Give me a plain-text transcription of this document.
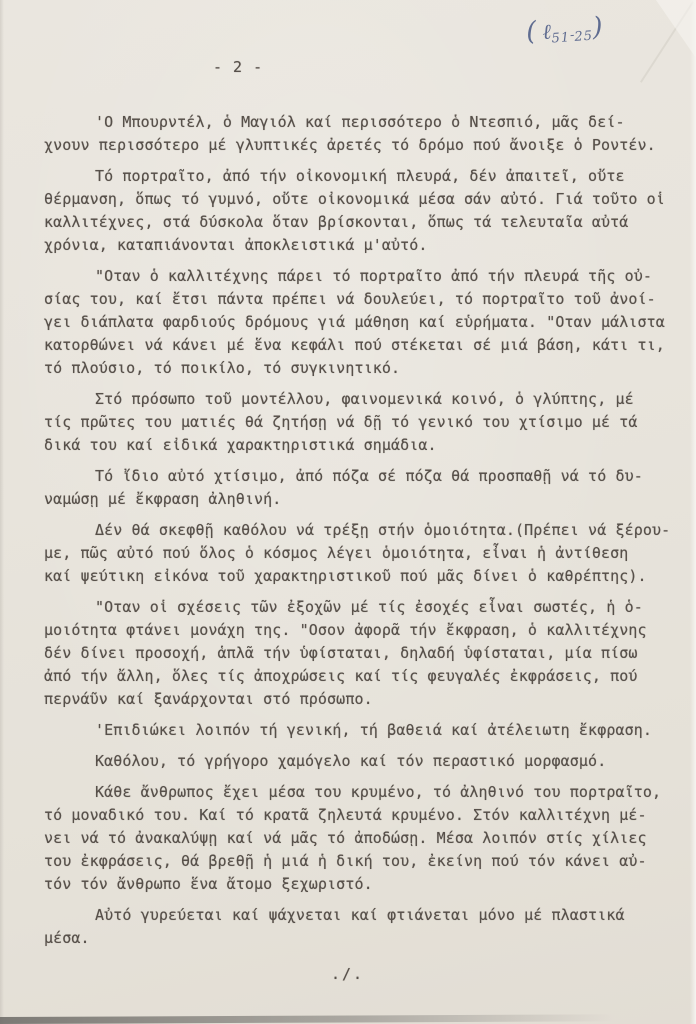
( $\ell_{51}-_{25}$)
- 2 -
'Ο Μπουρντέλ, ὁ Μαγιόλ καί περισσότερο ὁ Ντεσπιό, μᾶς δεί-
χνουν περισσότερο μέ γλυπτικές ἀρετές τό δρόμο πού ἄνοιξε ὁ Ροντέν.
Τό πορτραῖτο, ἀπό τήν οἰκονομική πλευρά, δέν ἀπαιτεῖ, οὔτε
θέρμανση, ὅπως τό γυμνό, οὔτε οἰκονομικά μέσα σάν αὐτό. Γιά τοῦτο οἱ
καλλιτέχνες, στά δύσκολα ὅταν βρίσκονται, ὅπως τά τελευταῖα αὐτά
χρόνια, καταπιάνονται ἀποκλειστικά μ'αὐτό.
"Οταν ὁ καλλιτέχνης πάρει τό πορτραῖτο ἀπό τήν πλευρά τῆς οὐ-
σίας του, καί ἔτσι πάντα πρέπει νά δουλεύει, τό πορτραῖτο τοῦ ἀνοί-
γει διάπλατα φαρδιούς δρόμους γιά μάθηση καί εὑρήματα. "Οταν μάλιστα
κατορθώνει νά κάνει μέ ἕνα κεφάλι πού στέκεται σέ μιά βάση, κάτι τι,
τό πλούσιο, τό ποικίλο, τό συγκινητικό.
Στό πρόσωπο τοῦ μοντέλλου, φαινομενικά κοινό, ὁ γλύπτης, μέ
τίς πρῶτες του ματιές θά ζητήσῃ νά δῇ τό γενικό του χτίσιμο μέ τά
δικά του καί εἰδικά χαρακτηριστικά σημάδια.
Τό ἴδιο αὐτό χτίσιμο, ἀπό πόζα σέ πόζα θά προσπαθῇ νά τό δυ-
ναμώσῃ μέ ἔκφραση ἀληθινή.
Δέν θά σκεφθῇ καθόλου νά τρέξῃ στήν ὁμοιότητα.(Πρέπει νά ξέρου-
με, πῶς αὐτό πού ὅλος ὁ κόσμος λέγει ὁμοιότητα, εἶναι ἡ ἀντίθεση
καί ψεύτικη εἰκόνα τοῦ χαρακτηριστικοῦ πού μᾶς δίνει ὁ καθρέπτης).
"Οταν οἱ σχέσεις τῶν ἐξοχῶν μέ τίς ἐσοχές εἶναι σωστές, ἡ ὁ-
μοιότητα φτάνει μονάχη της. "Οσον ἀφορᾶ τήν ἔκφραση, ὁ καλλιτέχνης
δέν δίνει προσοχή, ἁπλᾶ τήν ὑφίσταται, δηλαδή ὑφίσταται, μία πίσω
ἀπό τήν ἄλλη, ὅλες τίς ἀποχρώσεις καί τίς φευγαλές ἐκφράσεις, πού
περνάῦν καί ξανάρχονται στό πρόσωπο.
'Επιδιώκει λοιπόν τή γενική, τή βαθειά καί ἀτέλειωτη ἔκφραση.
Καθόλου, τό γρήγορο χαμόγελο καί τόν περαστικό μορφασμό.
Κάθε ἄνθρωπος ἔχει μέσα του κρυμένο, τό ἀληθινό του πορτραῖτο,
τό μοναδικό του. Καί τό κρατᾶ ζηλευτά κρυμένο. Στόν καλλιτέχνη μέ-
νει νά τό ἀνακαλύψῃ καί νά μᾶς τό ἀποδώσῃ. Μέσα λοιπόν στίς χίλιες
του ἐκφράσεις, θά βρεθῇ ἡ μιά ἡ δική του, ἐκείνη πού τόν κάνει αὐ-
τόν τόν ἄνθρωπο ἕνα ἄτομο ξεχωριστό.
Αὐτό γυρεύεται καί ψάχνεται καί φτιάνεται μόνο μέ πλαστικά
μέσα.
./.
